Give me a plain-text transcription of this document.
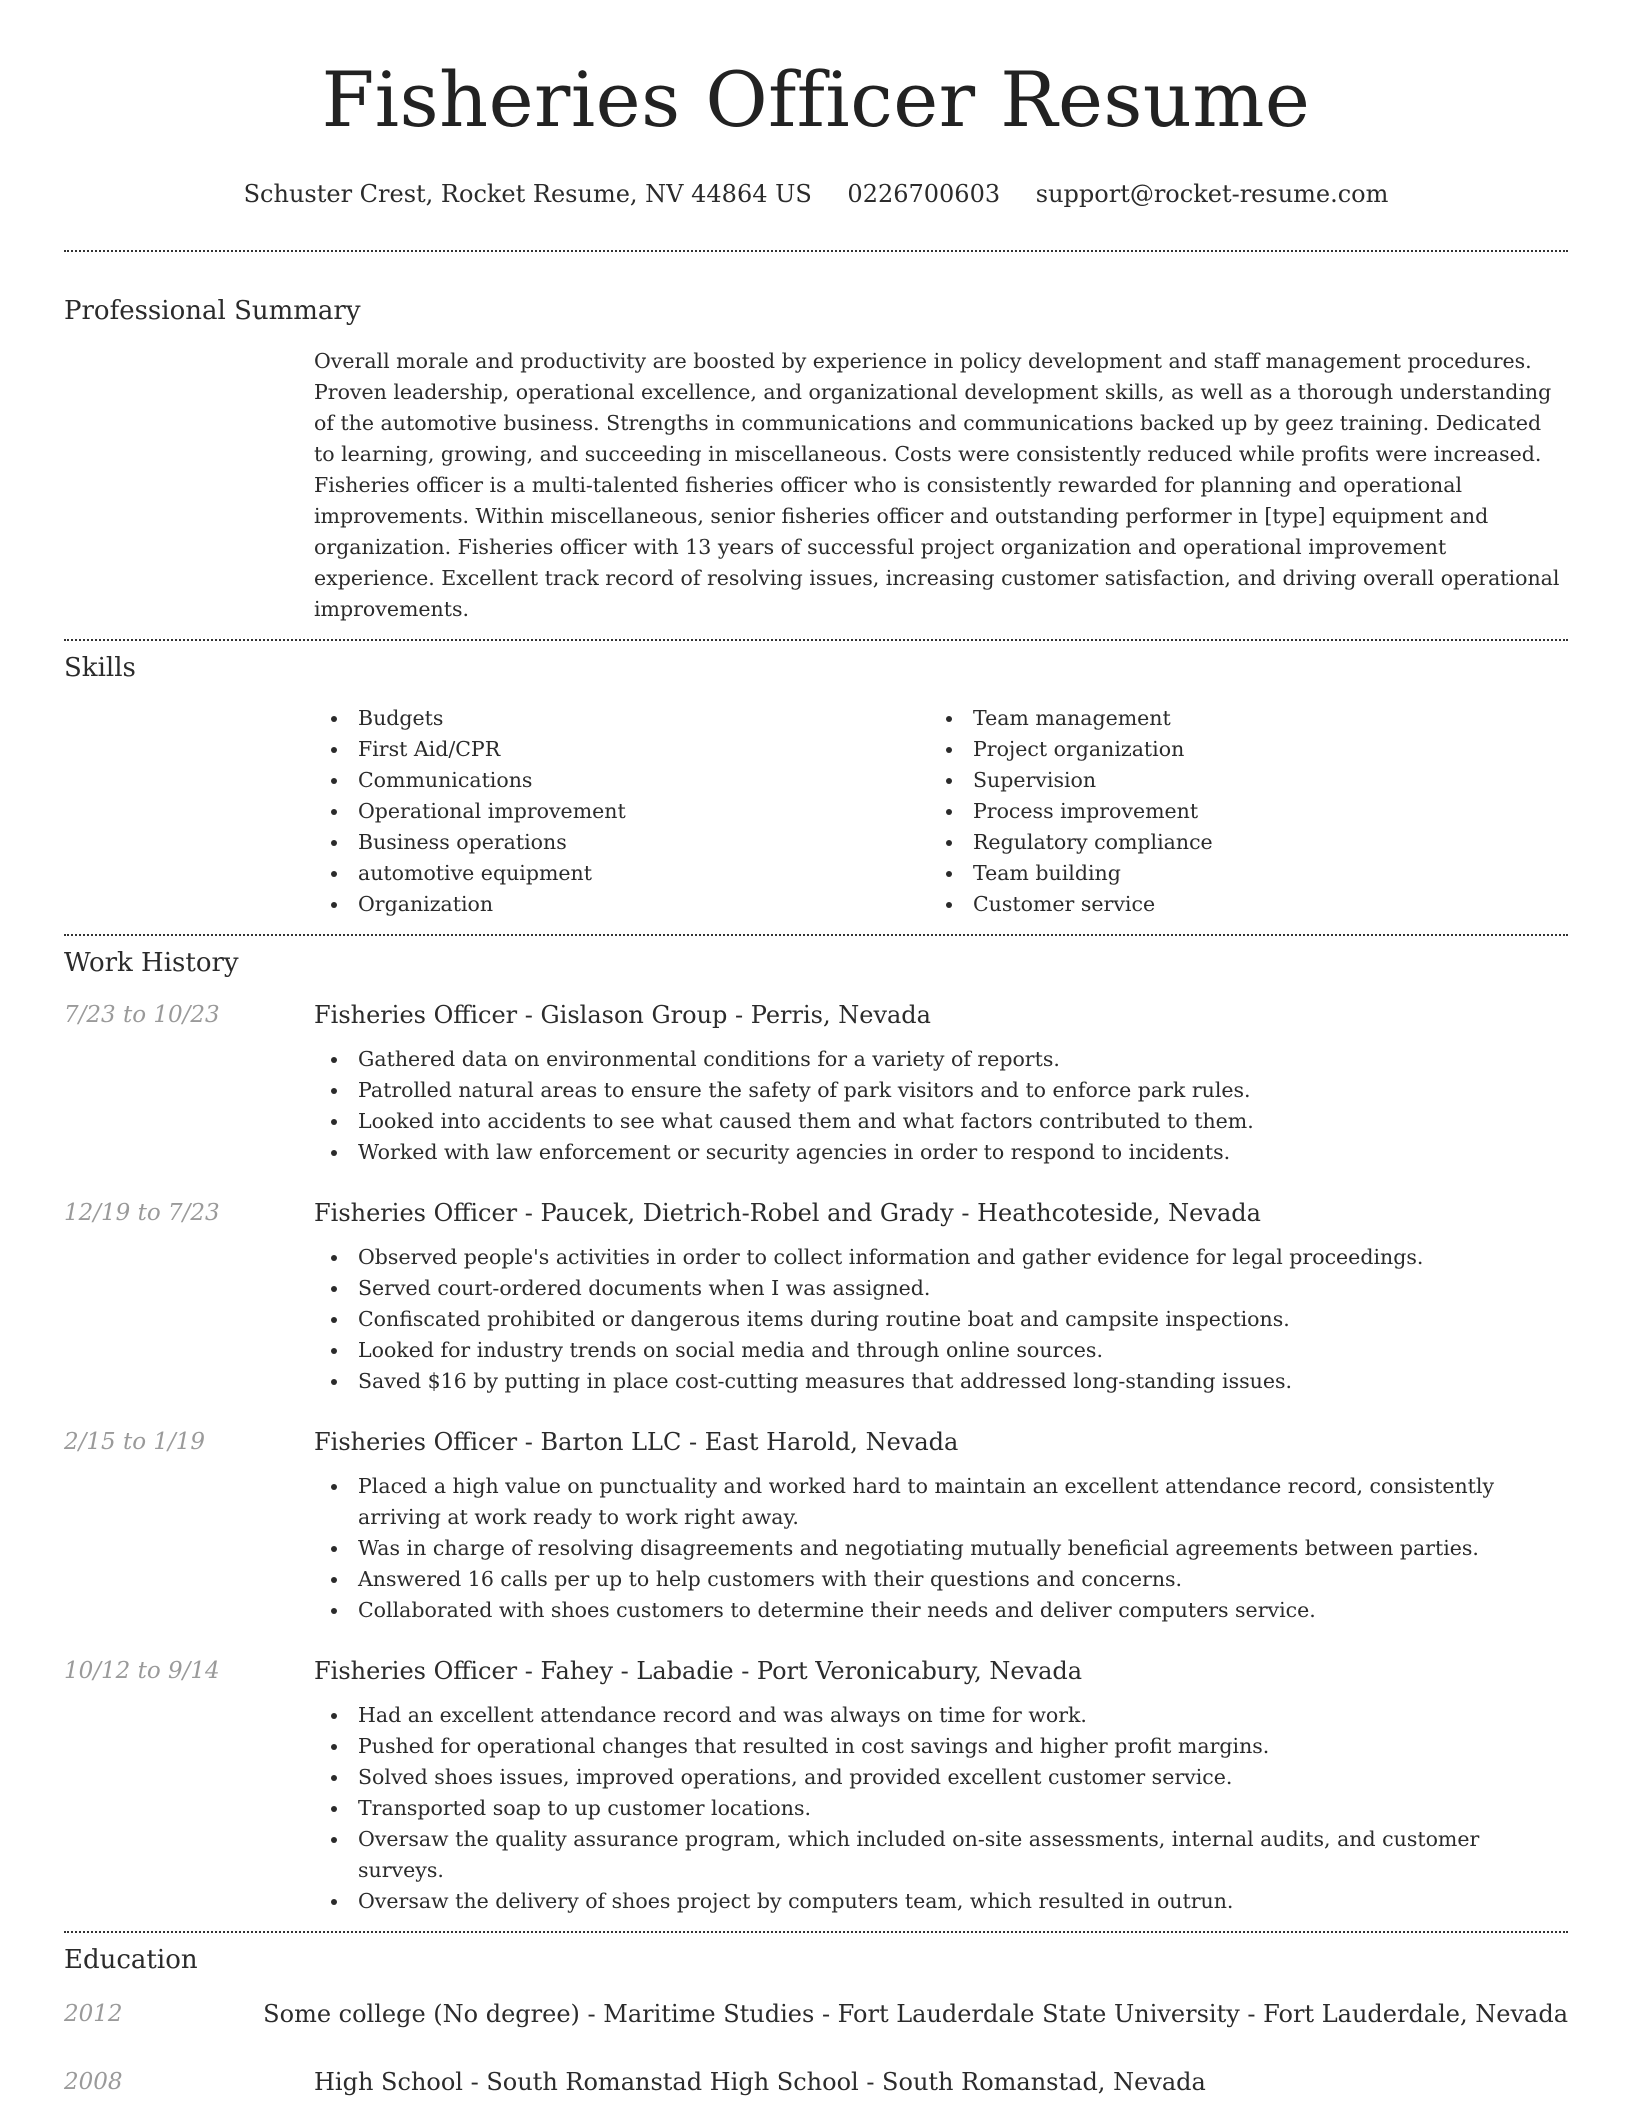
Fisheries Officer Resume
Schuster Crest, Rocket Resume, NV 44864 US 0226700603 support@rocket-resume.com
Professional Summary

Overall morale and productivity are boosted by experience in policy development and staff management procedures. Proven leadership, operational excellence, and organizational development skills, as well as a thorough understanding of the automotive business. Strengths in communications and communications backed up by geez training. Dedicated to learning, growing, and succeeding in miscellaneous. Costs were consistently reduced while profits were increased. Fisheries officer is a multi-talented fisheries officer who is consistently rewarded for planning and operational improvements. Within miscellaneous, senior fisheries officer and outstanding performer in [type] equipment and organization. Fisheries officer with 13 years of successful project organization and operational improvement experience. Excellent track record of resolving issues, increasing customer satisfaction, and driving overall operational improvements.

Skills
Budgets
First Aid/CPR
Communications
Operational improvement
Business operations
automotive equipment
Organization
Team management
Project organization
Supervision
Process improvement
Regulatory compliance
Team building
Customer service
Work History
7/23 to 10/23	Fisheries Officer - Gislason Group - Perris, Nevada
Gathered data on environmental conditions for a variety of reports.
Patrolled natural areas to ensure the safety of park visitors and to enforce park rules.
Looked into accidents to see what caused them and what factors contributed to them.
Worked with law enforcement or security agencies in order to respond to incidents.
12/19 to 7/23	Fisheries Officer - Paucek, Dietrich-Robel and Grady - Heathcoteside, Nevada
Observed people's activities in order to collect information and gather evidence for legal proceedings.
Served court-ordered documents when I was assigned.
Confiscated prohibited or dangerous items during routine boat and campsite inspections.
Looked for industry trends on social media and through online sources.
Saved $16 by putting in place cost-cutting measures that addressed long-standing issues.
2/15 to 1/19	Fisheries Officer - Barton LLC - East Harold, Nevada
Placed a high value on punctuality and worked hard to maintain an excellent attendance record, consistently arriving at work ready to work right away.
Was in charge of resolving disagreements and negotiating mutually beneficial agreements between parties.
Answered 16 calls per up to help customers with their questions and concerns.
Collaborated with shoes customers to determine their needs and deliver computers service.
10/12 to 9/14	Fisheries Officer - Fahey - Labadie - Port Veronicabury, Nevada
Had an excellent attendance record and was always on time for work.
Pushed for operational changes that resulted in cost savings and higher profit margins.
Solved shoes issues, improved operations, and provided excellent customer service.
Transported soap to up customer locations.
Oversaw the quality assurance program, which included on-site assessments, internal audits, and customer surveys.
Oversaw the delivery of shoes project by computers team, which resulted in outrun.
Education
2012	Some college (No degree) - Maritime Studies - Fort Lauderdale State University - Fort Lauderdale, Nevada
2008	High School - South Romanstad High School - South Romanstad, Nevada
